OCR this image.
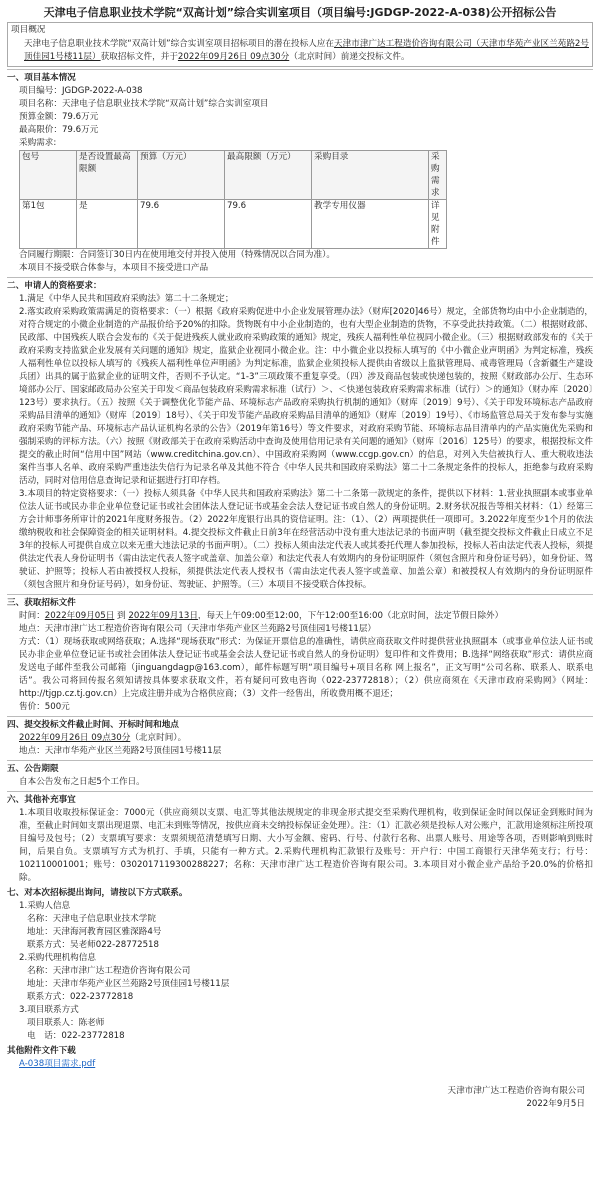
天津电子信息职业技术学院“双高计划”综合实训室项目（项目编号:JGDGP-2022-A-038)公开招标公告
项目概况
天津电子信息职业技术学院“双高计划”综合实训室项目招标项目的潜在投标人应在天津市津广达工程造价咨询有限公司（天津市华苑产业区兰苑路2号顶佳园1号楼11层）获取招标文件，并于2022年09月26日 09点30分（北京时间）前递交投标文件。
一、项目基本情况
项目编号：JGDGP-2022-A-038
项目名称：天津电子信息职业技术学院“双高计划”综合实训室项目
预算金额：79.6万元
最高限价：79.6万元
采购需求:
包号	是否设置最高限额	预算（万元）	最高限额（万元）	采购目录	采购需求
第1包	是	79.6	79.6	教学专用仪器	详见附件
合同履行期限：合同签订30日内在使用地交付并投入使用（特殊情况以合同为准）。
本项目不接受联合体参与，本项目不接受进口产品
二、申请人的资格要求：
1.满足《中华人民共和国政府采购法》第二十二条规定；
2.落实政府采购政策需满足的资格要求：（一）根据《政府采购促进中小企业发展管理办法》（财库[2020]46号）规定，全部货物均由中小企业制造的，对符合规定的小微企业制造的产品报价给予20%的扣除。货物既有中小企业制造的，也有大型企业制造的货物，不享受此扶持政策。（二）根据财政部、民政部、中国残疾人联合会发布的《关于促进残疾人就业政府采购政策的通知》规定，残疾人福利性单位视同小微企业。（三）根据财政部发布的《关于政府采购支持监狱企业发展有关问题的通知》规定，监狱企业视同小微企业。注：中小微企业以投标人填写的《中小微企业声明函》为判定标准，残疾人福利性单位以投标人填写的《残疾人福利性单位声明函》为判定标准，监狱企业须投标人提供由省级以上监狱管理局、戒毒管理局（含新疆生产建设兵团）出具的属于监狱企业的证明文件，否则不予认定。“1-3”三项政策不重复享受。（四）涉及商品包装或快递包装的，按照《财政部办公厅、生态环境部办公厅、国家邮政局办公室关于印发＜商品包装政府采购需求标准（试行）＞、＜快递包装政府采购需求标准（试行）＞的通知》（财办库〔2020〕123号）要求执行。（五）按照《关于调整优化节能产品、环境标志产品政府采购执行机制的通知》（财库〔2019〕9号）、《关于印发环境标志产品政府采购品目清单的通知》（财库〔2019〕18号）、《关于印发节能产品政府采购品目清单的通知》（财库〔2019〕19号）、《市场监管总局关于发布参与实施政府采购节能产品、环境标志产品认证机构名录的公告》（2019年第16号）等文件要求，对政府采购节能、环境标志品目清单内的产品实施优先采购和强制采购的评标方法。（六）按照《财政部关于在政府采购活动中查询及使用信用记录有关问题的通知》（财库〔2016〕125号）的要求，根据投标文件提交的截止时间“信用中国”网站（www.creditchina.gov.cn）、中国政府采购网（www.ccgp.gov.cn）的信息，对列入失信被执行人、重大税收违法案件当事人名单、政府采购严重违法失信行为记录名单及其他不符合《中华人民共和国政府采购法》第二十二条规定条件的投标人，拒绝参与政府采购活动，同时对信用信息查询记录和证据进行打印存档。
3.本项目的特定资格要求：（一）投标人须具备《中华人民共和国政府采购法》第二十二条第一款规定的条件，提供以下材料：1.营业执照副本或事业单位法人证书或民办非企业单位登记证书或社会团体法人登记证书或基金会法人登记证书或自然人的身份证明。2.财务状况报告等相关材料：（1）经第三方会计师事务所审计的2021年度财务报告。（2）2022年度银行出具的资信证明。注：（1）、（2）两项提供任一项即可。3.2022年度至少1个月的依法缴纳税收和社会保障资金的相关证明材料。4.提交投标文件截止日前3年在经营活动中没有重大违法记录的书面声明（截至提交投标文件截止日成立不足3年的投标人可提供自成立以来无重大违法记录的书面声明）。（二）投标人须由法定代表人或其委托代理人参加投标，投标人若由法定代表人投标，须提供法定代表人身份证明书（需由法定代表人签字或盖章、加盖公章）和法定代表人有效期内的身份证明原件（须包含照片和身份证号码），如身份证、驾驶证、护照等；投标人若由被授权人投标，须提供法定代表人授权书（需由法定代表人签字或盖章、加盖公章）和被授权人有效期内的身份证明原件（须包含照片和身份证号码），如身份证、驾驶证、护照等。（三）本项目不接受联合体投标。
三、获取招标文件
时间：2022年09月05日 到 2022年09月13日，每天上午09:00至12:00，下午12:00至16:00（北京时间，法定节假日除外）
地点：天津市津广达工程造价咨询有限公司（天津市华苑产业区兰苑路2号顶佳园1号楼11层）
方式：（1）现场获取或网络获取；A.选择“现场获取”形式：为保证开票信息的准确性，请供应商获取文件时提供营业执照副本（或事业单位法人证书或民办非企业单位登记证书或社会团体法人登记证书或基金会法人登记证书或自然人的身份证明）复印件和文件费用；B.选择“网络获取”形式：请供应商发送电子邮件至我公司邮箱（jinguangdagp@163.com），邮件标题写明“项目编号+项目名称 网上报名”，正文写明“公司名称、联系人、联系电话”。我公司将回传报名须知请按具体要求获取文件，若有疑问可致电咨询（022-23772818）；（2）供应商须在《天津市政府采购网》（网址：http://tjgp.cz.tj.gov.cn）上完成注册并成为合格供应商；（3）文件一经售出，所收费用概不退还；
售价：500元
四、提交投标文件截止时间、开标时间和地点
2022年09月26日 09点30分（北京时间）。
地点：天津市华苑产业区兰苑路2号顶佳园1号楼11层
五、公告期限
自本公告发布之日起5个工作日。
六、其他补充事宜
1.本项目收取投标保证金：7000元（供应商须以支票、电汇等其他法规规定的非现金形式提交至采购代理机构，收到保证金时间以保证金到账时间为准，至截止时间如支票出现退票、电汇未到账等情况，按供应商未交纳投标保证金处理）。注：（1）汇款必须是投标人对公账户，汇款用途须标注所投项目编号及包号；（2）支票填写要求：支票须规范清楚填写日期、大小写金额、密码、行号、付款行名称、出票人账号、用途等各项，否则影响到账时间，后果自负。支票填写方式为机打、手填，只能有一种方式。2.采购代理机构汇款银行及账号：开户行：中国工商银行天津华苑支行；行号：102110001001；账号：0302017119300288227；名称：天津市津广达工程造价咨询有限公司。3.本项目对小微企业产品给予20.0%的价格扣除。
七、对本次招标提出询问，请按以下方式联系。
1.采购人信息
名称：天津电子信息职业技术学院
地址：天津海河教育园区雅深路4号
联系方式：吴老师022-28772518
2.采购代理机构信息
名称：天津市津广达工程造价咨询有限公司
地址：天津市华苑产业区兰苑路2号顶佳园1号楼11层
联系方式：022-23772818
3.项目联系方式
项目联系人：陈老师
电　话：022-23772818
其他附件文件下载
A-038项目需求.pdf
天津市津广达工程造价咨询有限公司
2022年9月5日
